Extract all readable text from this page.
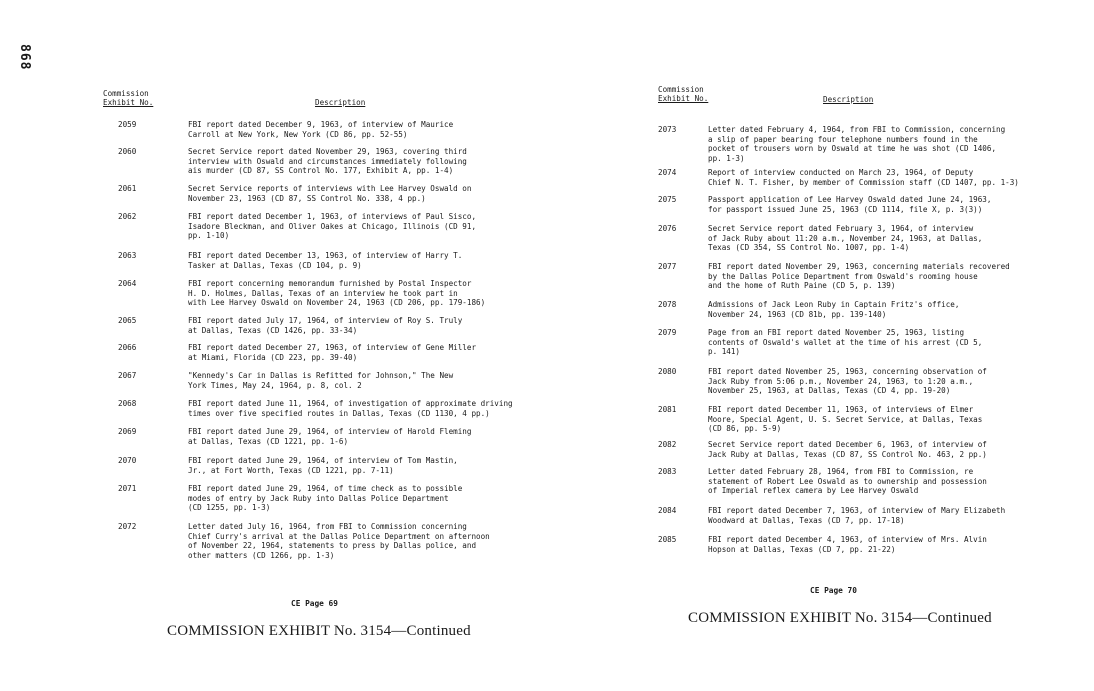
868
Commission
Exhibit No.	Description
2059	FBI report dated December 9, 1963, of interview of Maurice
Carroll at New York, New York (CD 86, pp. 52-55)
2060	Secret Service report dated November 29, 1963, covering third
interview with Oswald and circumstances immediately following
ais murder (CD 87, SS Control No. 177, Exhibit A, pp. 1-4)
2061	Secret Service reports of interviews with Lee Harvey Oswald on
November 23, 1963 (CD 87, SS Control No. 338, 4 pp.)
2062	FBI report dated December 1, 1963, of interviews of Paul Sisco,
Isadore Bleckman, and Oliver Oakes at Chicago, Illinois (CD 91,
pp. 1-10)
2063	FBI report dated December 13, 1963, of interview of Harry T.
Tasker at Dallas, Texas (CD 104, p. 9)
2064	FBI report concerning memorandum furnished by Postal Inspector
H. D. Holmes, Dallas, Texas of an interview he took part in
with Lee Harvey Oswald on November 24, 1963 (CD 206, pp. 179-186)
2065	FBI report dated July 17, 1964, of interview of Roy S. Truly
at Dallas, Texas (CD 1426, pp. 33-34)
2066	FBI report dated December 27, 1963, of interview of Gene Miller
at Miami, Florida (CD 223, pp. 39-40)
2067	"Kennedy's Car in Dallas is Refitted for Johnson," The New
York Times, May 24, 1964, p. 8, col. 2
2068	FBI report dated June 11, 1964, of investigation of approximate driving
times over five specified routes in Dallas, Texas (CD 1130, 4 pp.)
2069	FBI report dated June 29, 1964, of interview of Harold Fleming
at Dallas, Texas (CD 1221, pp. 1-6)
2070	FBI report dated June 29, 1964, of interview of Tom Mastin,
Jr., at Fort Worth, Texas (CD 1221, pp. 7-11)
2071	FBI report dated June 29, 1964, of time check as to possible
modes of entry by Jack Ruby into Dallas Police Department
(CD 1255, pp. 1-3)
2072	Letter dated July 16, 1964, from FBI to Commission concerning
Chief Curry's arrival at the Dallas Police Department on afternoon
of November 22, 1964, statements to press by Dallas police, and
other matters (CD 1266, pp. 1-3)
CE Page 69
COMMISSION EXHIBIT No. 3154—Continued
Commission
Exhibit No.	Description
2073	Letter dated February 4, 1964, from FBI to Commission, concerning
a slip of paper bearing four telephone numbers found in the
pocket of trousers worn by Oswald at time he was shot (CD 1406,
pp. 1-3)
2074	Report of interview conducted on March 23, 1964, of Deputy
Chief N. T. Fisher, by member of Commission staff (CD 1407, pp. 1-3)
2075	Passport application of Lee Harvey Oswald dated June 24, 1963,
for passport issued June 25, 1963 (CD 1114, file X, p. 3(3))
2076	Secret Service report dated February 3, 1964, of interview
of Jack Ruby about 11:20 a.m., November 24, 1963, at Dallas,
Texas (CD 354, SS Control No. 1007, pp. 1-4)
2077	FBI report dated November 29, 1963, concerning materials recovered
by the Dallas Police Department from Oswald's rooming house
and the home of Ruth Paine (CD 5, p. 139)
2078	Admissions of Jack Leon Ruby in Captain Fritz's office,
November 24, 1963 (CD 81b, pp. 139-140)
2079	Page from an FBI report dated November 25, 1963, listing
contents of Oswald's wallet at the time of his arrest (CD 5,
p. 141)
2080	FBI report dated November 25, 1963, concerning observation of
Jack Ruby from 5:06 p.m., November 24, 1963, to 1:20 a.m.,
November 25, 1963, at Dallas, Texas (CD 4, pp. 19-20)
2081	FBI report dated December 11, 1963, of interviews of Elmer
Moore, Special Agent, U. S. Secret Service, at Dallas, Texas
(CD 86, pp. 5-9)
2082	Secret Service report dated December 6, 1963, of interview of
Jack Ruby at Dallas, Texas (CD 87, SS Control No. 463, 2 pp.)
2083	Letter dated February 28, 1964, from FBI to Commission, re
statement of Robert Lee Oswald as to ownership and possession
of Imperial reflex camera by Lee Harvey Oswald
2084	FBI report dated December 7, 1963, of interview of Mary Elizabeth
Woodward at Dallas, Texas (CD 7, pp. 17-18)
2085	FBI report dated December 4, 1963, of interview of Mrs. Alvin
Hopson at Dallas, Texas (CD 7, pp. 21-22)
CE Page 70
COMMISSION EXHIBIT No. 3154—Continued
